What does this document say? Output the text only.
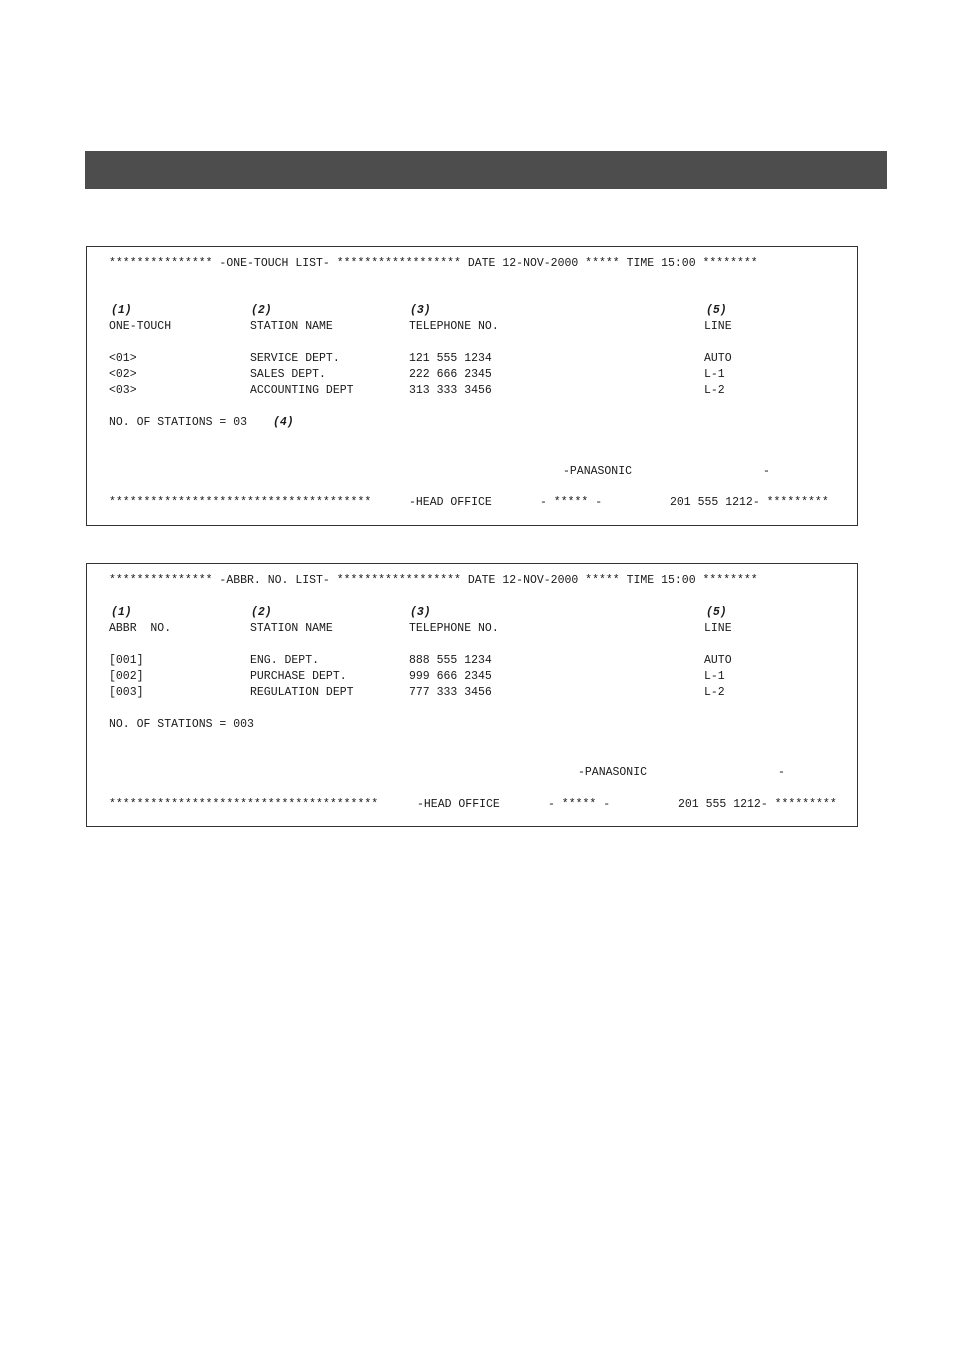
*************** -ONE-TOUCH LIST- ****************** DATE 12-NOV-2000 ***** TIME 15:00 ********
(1)	(2)	(3)	(5)
ONE-TOUCH	STATION NAME	TELEPHONE NO.	LINE
<01>	SERVICE DEPT.	121 555 1234	AUTO
<02>	SALES DEPT.	222 666 2345	L-1
<03>	ACCOUNTING DEPT	313 333 3456	L-2
NO. OF STATIONS = 03 (4)
-PANASONIC	-
**************************************	-HEAD OFFICE	- ***** -	201 555 1212- *********
*************** -ABBR. NO. LIST- ****************** DATE 12-NOV-2000 ***** TIME 15:00 ********
(1)	(2)	(3)	(5)
ABBR  NO.	STATION NAME	TELEPHONE NO.	LINE
[001]	ENG. DEPT.	888 555 1234	AUTO
[002]	PURCHASE DEPT.	999 666 2345	L-1
[003]	REGULATION DEPT	777 333 3456	L-2
NO. OF STATIONS = 003
-PANASONIC	-
***************************************	-HEAD OFFICE	- ***** -	201 555 1212- *********
